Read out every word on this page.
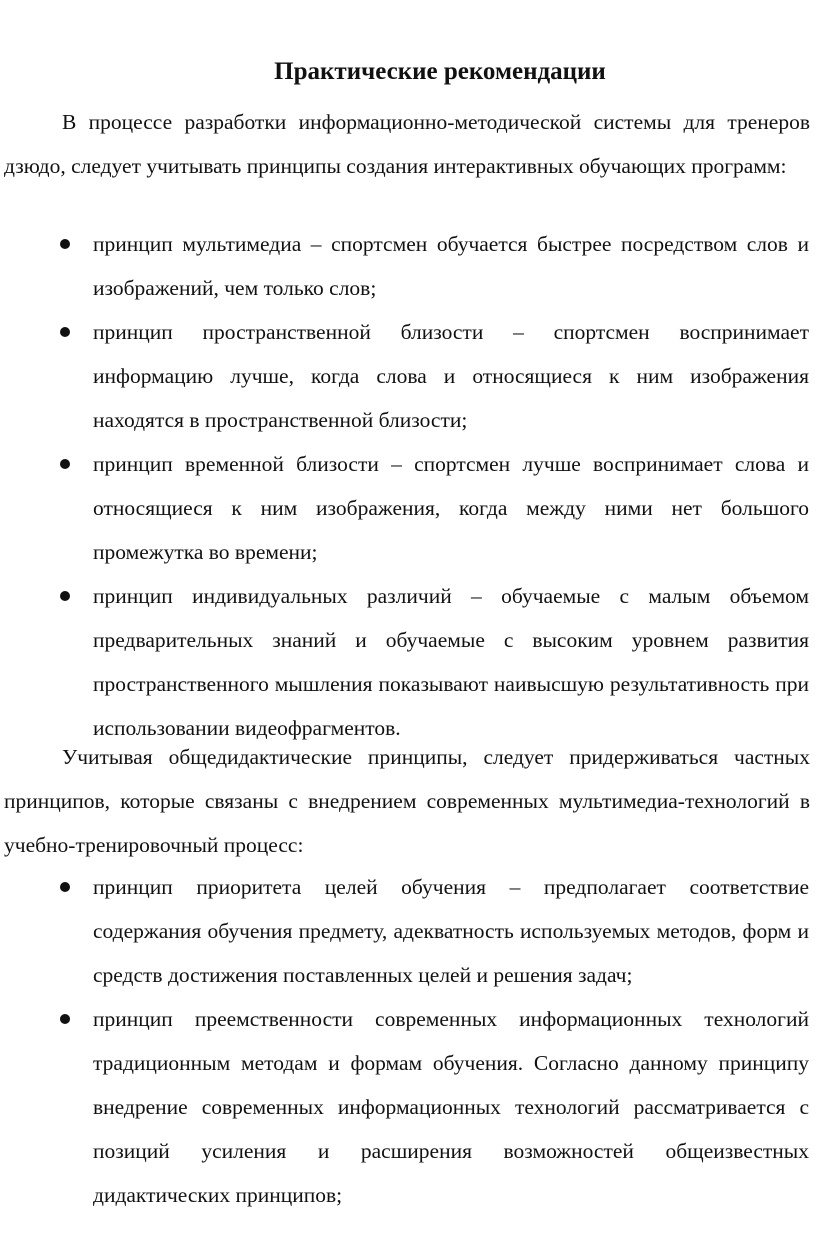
Практические рекомендации

В процессе разработки информационно-методической системы для тренеров дзюдо, следует учитывать принципы создания интерактивных обучающих программ:

принцип мультимедиа – спортсмен обучается быстрее посредством слов и изображений, чем только слов;
принцип пространственной близости – спортсмен воспринимает информацию лучше, когда слова и относящиеся к ним изображения находятся в пространственной близости;
принцип временной близости – спортсмен лучше воспринимает слова и относящиеся к ним изображения, когда между ними нет большого промежутка во времени;
принцип индивидуальных различий – обучаемые с малым объемом предварительных знаний и обучаемые с высоким уровнем развития пространственного мышления показывают наивысшую результативность при использовании видеофрагментов.

Учитывая общедидактические принципы, следует придерживаться частных принципов, которые связаны с внедрением современных мультимедиа-технологий в учебно-тренировочный процесс:

принцип приоритета целей обучения – предполагает соответствие содержания обучения предмету, адекватность используемых методов, форм и средств достижения поставленных целей и решения задач;
принцип преемственности современных информационных технологий традиционным методам и формам обучения. Согласно данному принципу внедрение современных информационных технологий рассматривается с позиций усиления и расширения возможностей общеизвестных дидактических принципов;
